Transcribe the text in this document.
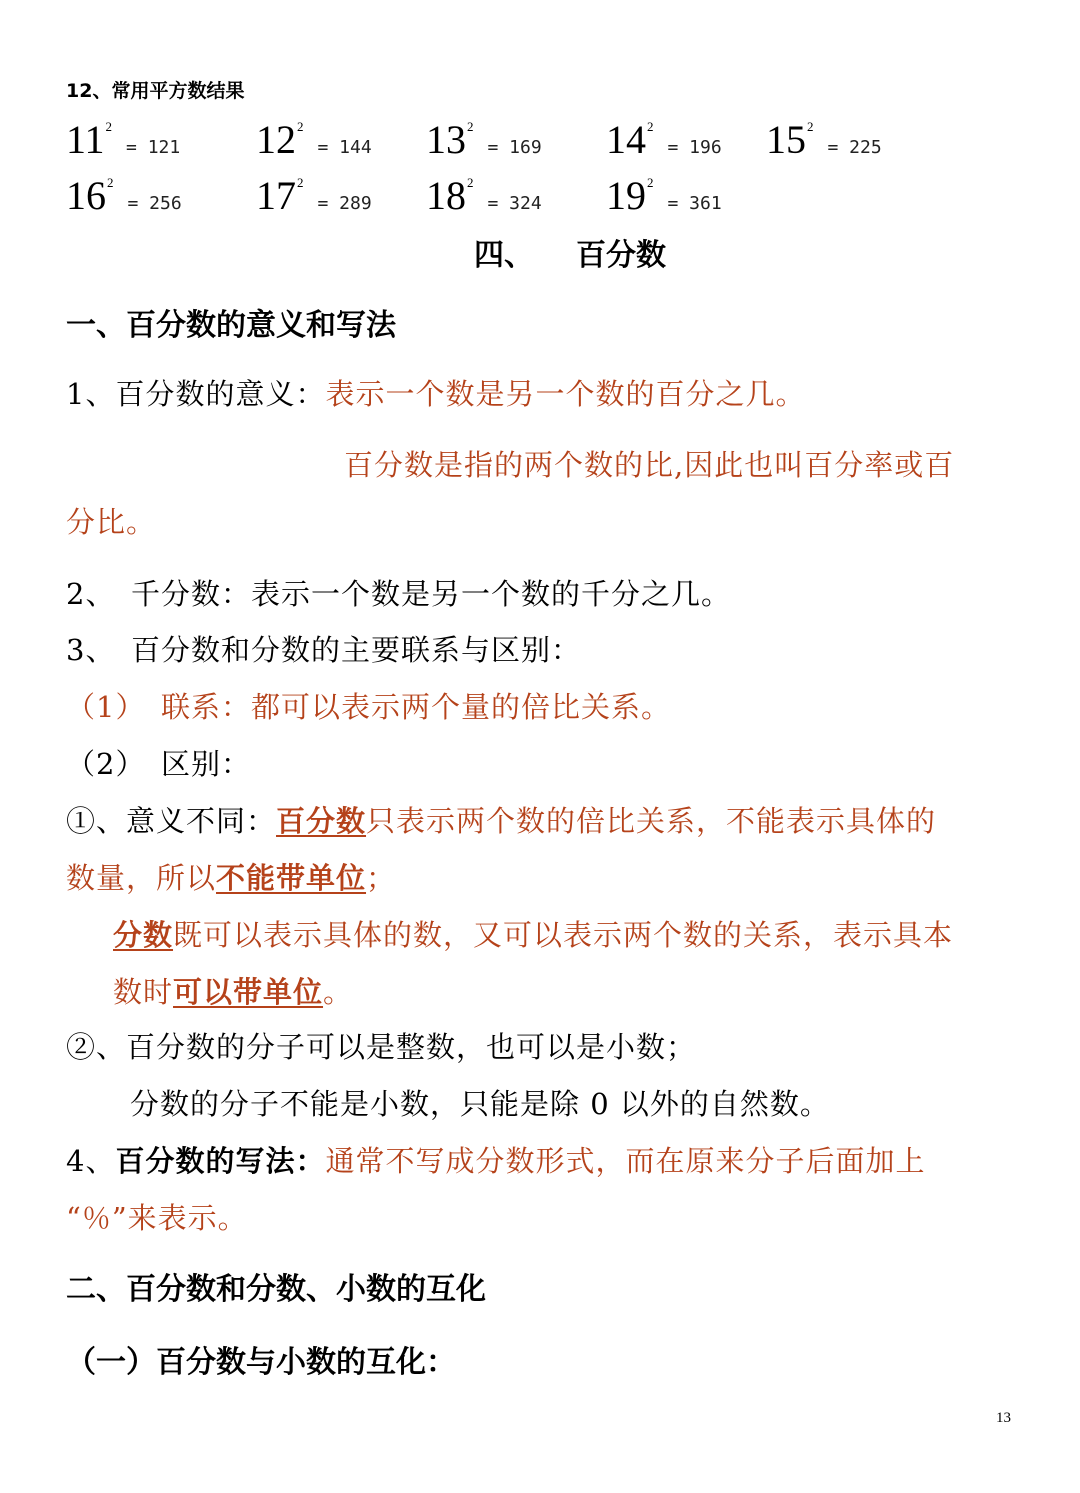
12、常用平方数结果
11 2
= 121 12 2
= 144 13 2
= 169 14 2
= 196 15 2
= 225
16 2
= 256 17 2
= 289 18 2
= 324 19 2
= 361
四、 百分数
一、百分数的意义和写法
1、百分数的意义：表示一个数是另一个数的百分之几。
百分数是指的两个数的比,因此也叫百分率或百
分比。
2、　千分数：表示一个数是另一个数的千分之几。
3、　百分数和分数的主要联系与区别：
（1）　联系：都可以表示两个量的倍比关系。
（2）　区别：
①、意义不同：百分数只表示两个数的倍比关系，不能表示具体的
数量，所以不能带单位；
分数既可以表示具体的数，又可以表示两个数的关系，表示具本
数时可以带单位。
②、百分数的分子可以是整数，也可以是小数；
分数的分子不能是小数，只能是除 0 以外的自然数。
4、百分数的写法：通常不写成分数形式，而在原来分子后面加上
“％”来表示。
二、百分数和分数、小数的互化
（一）百分数与小数的互化：
13
